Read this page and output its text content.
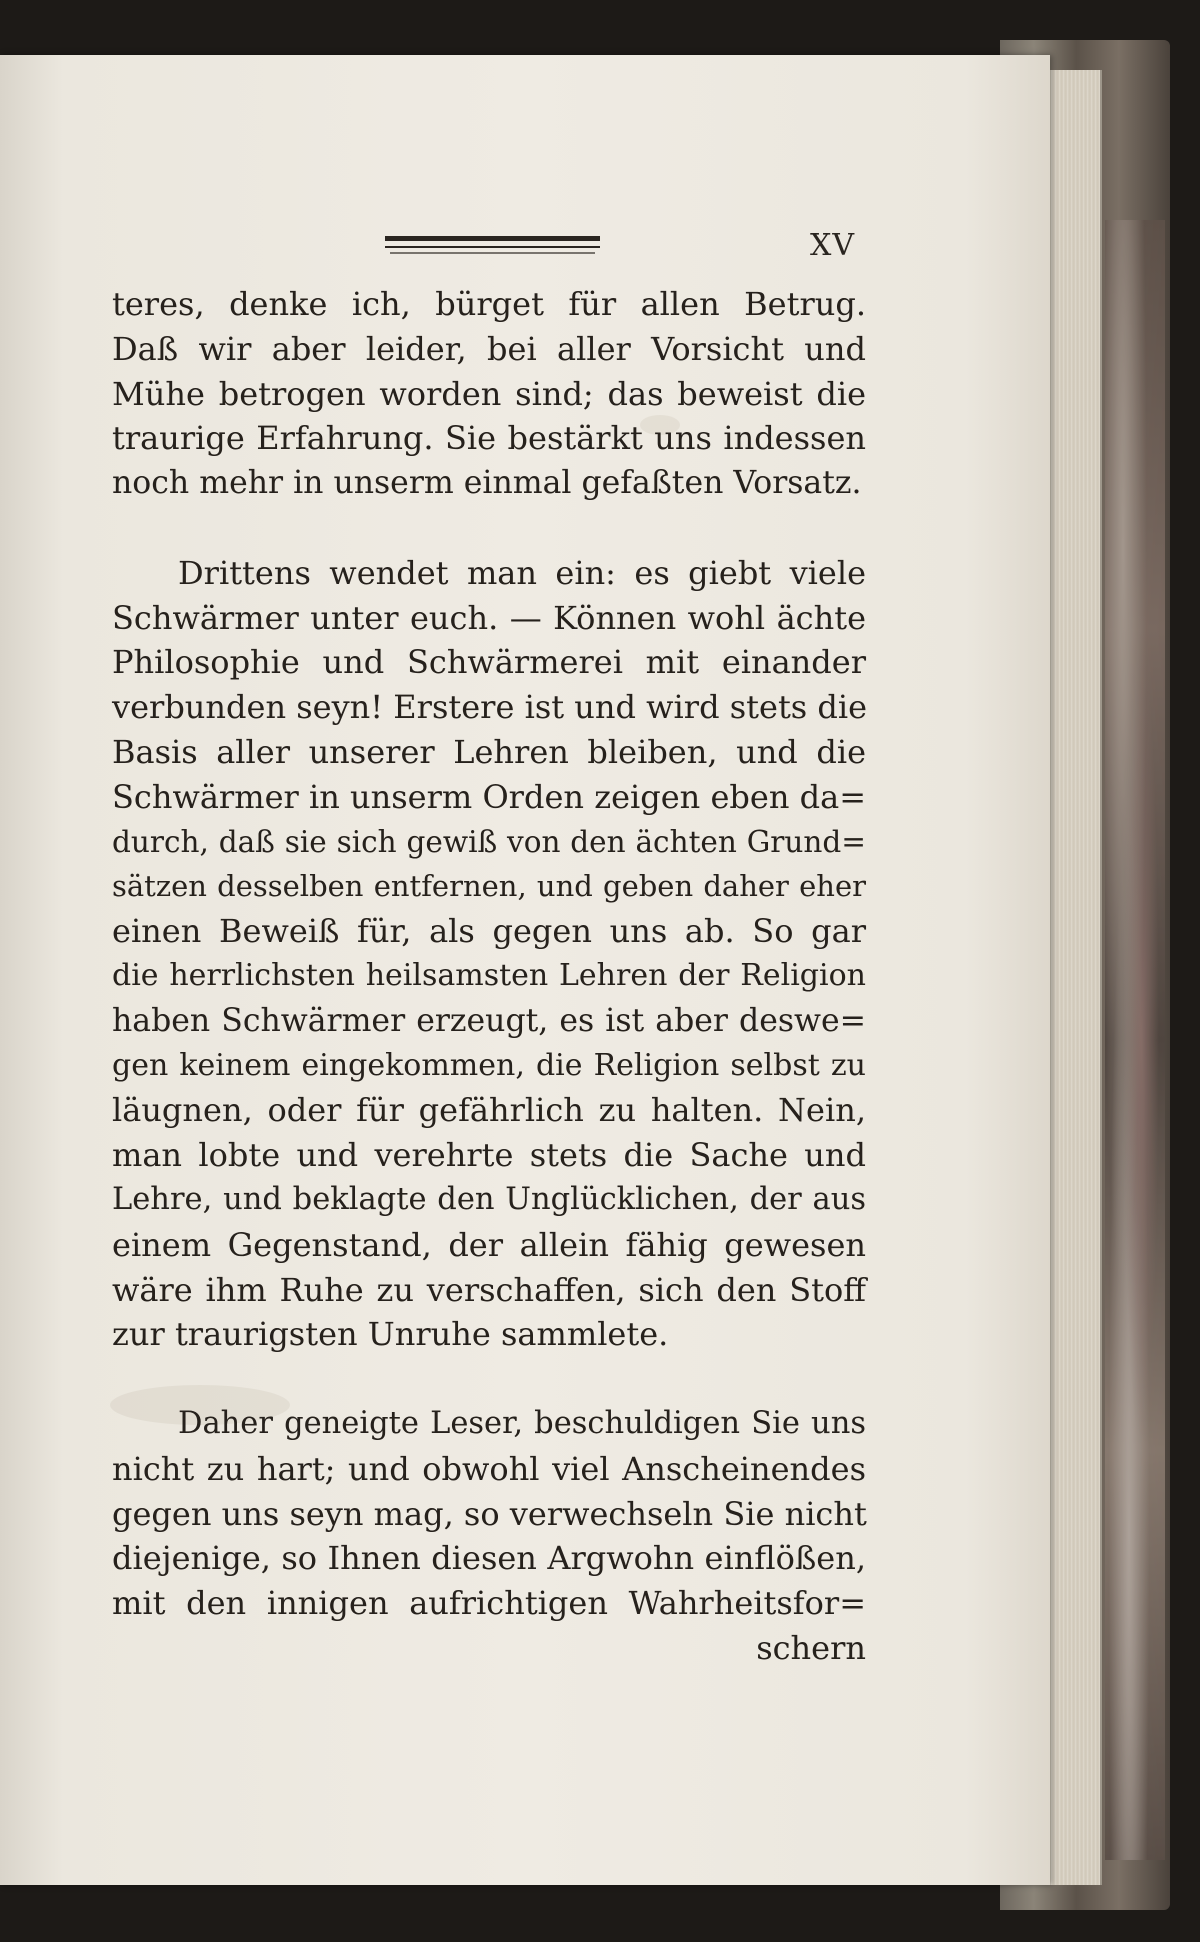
XV
teres, denke ich, bürget für allen Betrug.
Daß wir aber leider, bei aller Vorsicht und
Mühe betrogen worden sind; das beweist die
traurige Erfahrung. Sie bestärkt uns indessen
noch mehr in unserm einmal gefaßten Vorsatz.
Drittens wendet man ein: es giebt viele
Schwärmer unter euch. — Können wohl ächte
Philosophie und Schwärmerei mit einander
verbunden seyn! Erstere ist und wird stets die
Basis aller unserer Lehren bleiben, und die
Schwärmer in unserm Orden zeigen eben da=
durch, daß sie sich gewiß von den ächten Grund=
sätzen desselben entfernen, und geben daher eher
einen Beweiß für, als gegen uns ab. So gar
die herrlichsten heilsamsten Lehren der Religion
haben Schwärmer erzeugt, es ist aber deswe=
gen keinem eingekommen, die Religion selbst zu
läugnen, oder für gefährlich zu halten. Nein,
man lobte und verehrte stets die Sache und
Lehre, und beklagte den Unglücklichen, der aus
einem Gegenstand, der allein fähig gewesen
wäre ihm Ruhe zu verschaffen, sich den Stoff
zur traurigsten Unruhe sammlete.
Daher geneigte Leser, beschuldigen Sie uns
nicht zu hart; und obwohl viel Anscheinendes
gegen uns seyn mag, so verwechseln Sie nicht
diejenige, so Ihnen diesen Argwohn einflößen,
mit den innigen aufrichtigen Wahrheitsfor=
schern
